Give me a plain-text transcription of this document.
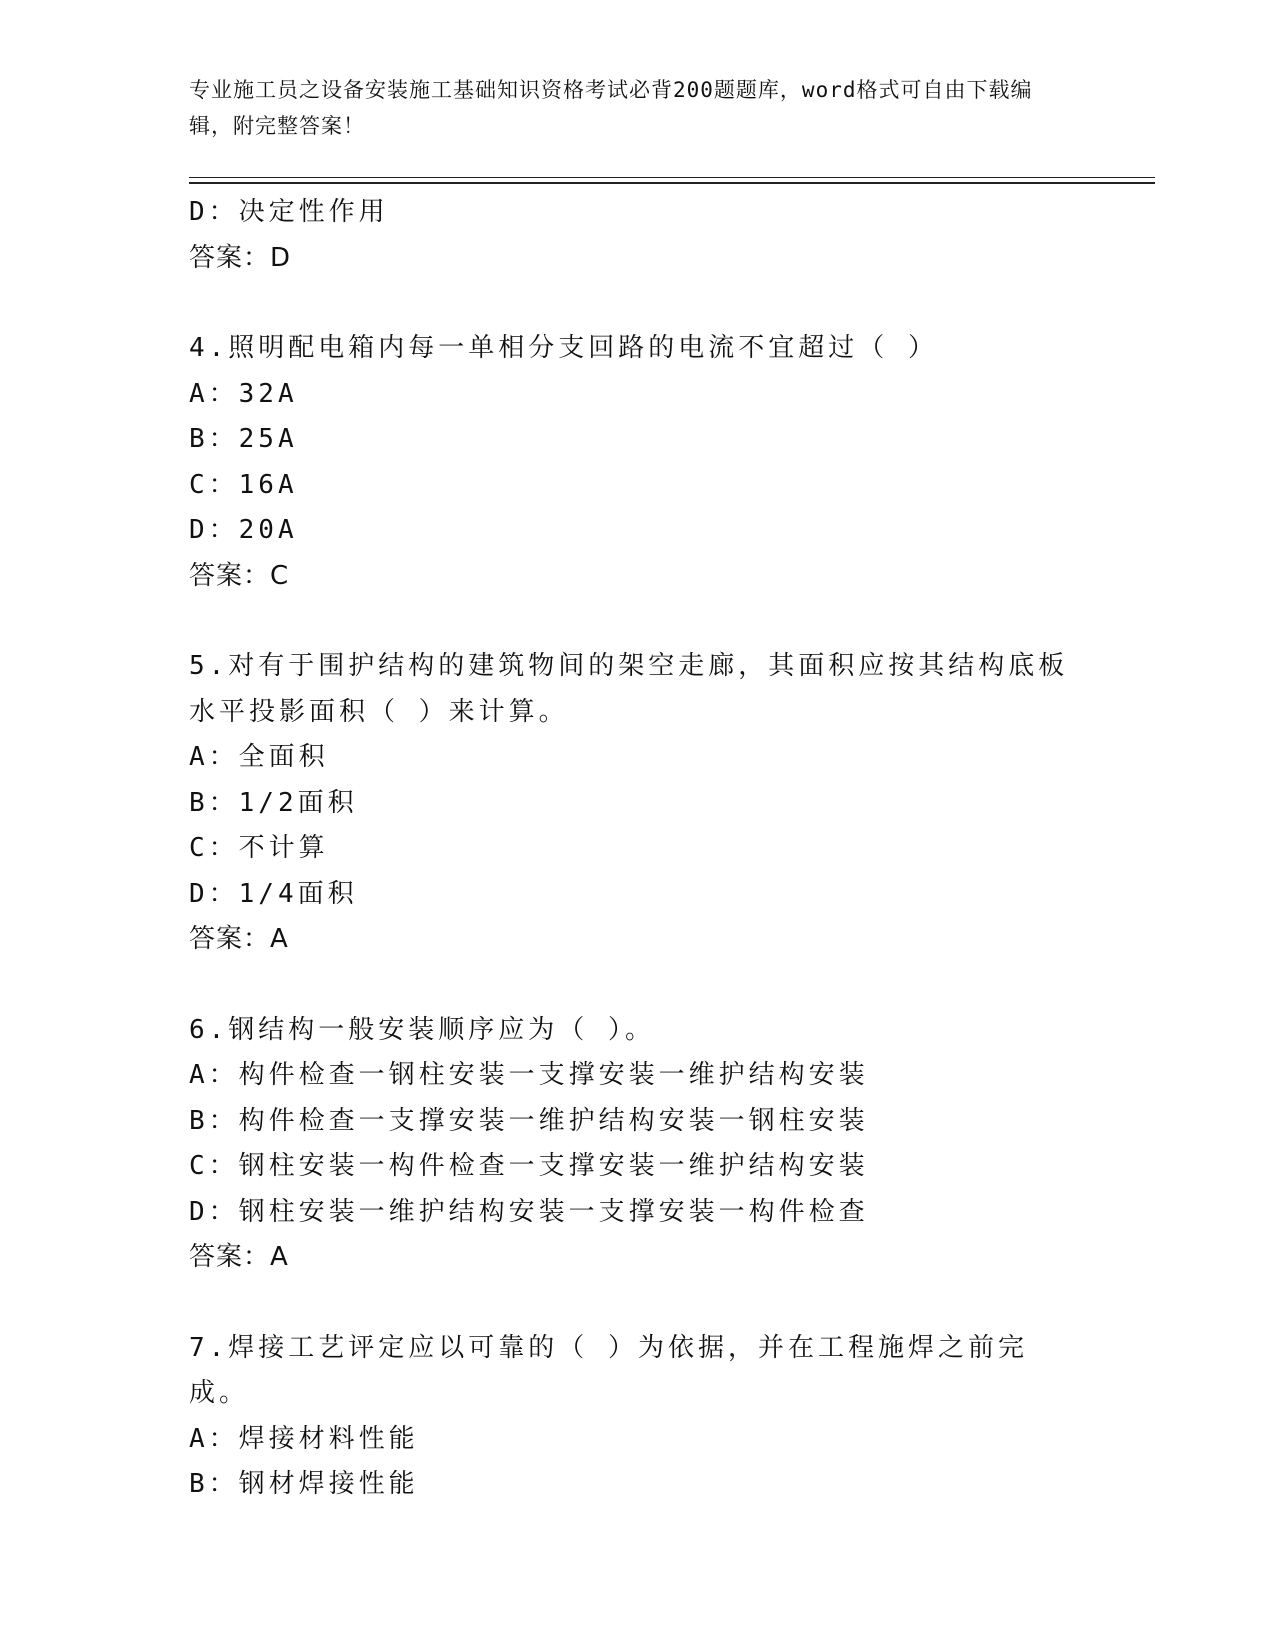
专业施工员之设备安装施工基础知识资格考试必背200题题库，word格式可自由下载编辑，附完整答案！
D：决定性作用
答案：D
4.照明配电箱内每一单相分支回路的电流不宜超过（ ）
A：32A
B：25A
C：16A
D：20A
答案：C
5.对有于围护结构的建筑物间的架空走廊，其面积应按其结构底板水平投影面积（ ）来计算。
A：全面积
B：1/2面积
C：不计算
D：1/4面积
答案：A
6.钢结构一般安装顺序应为（ ）。
A：构件检查一钢柱安装一支撑安装一维护结构安装
B：构件检查一支撑安装一维护结构安装一钢柱安装
C：钢柱安装一构件检查一支撑安装一维护结构安装
D：钢柱安装一维护结构安装一支撑安装一构件检查
答案：A
7.焊接工艺评定应以可靠的（ ）为依据，并在工程施焊之前完成。
A：焊接材料性能
B：钢材焊接性能
